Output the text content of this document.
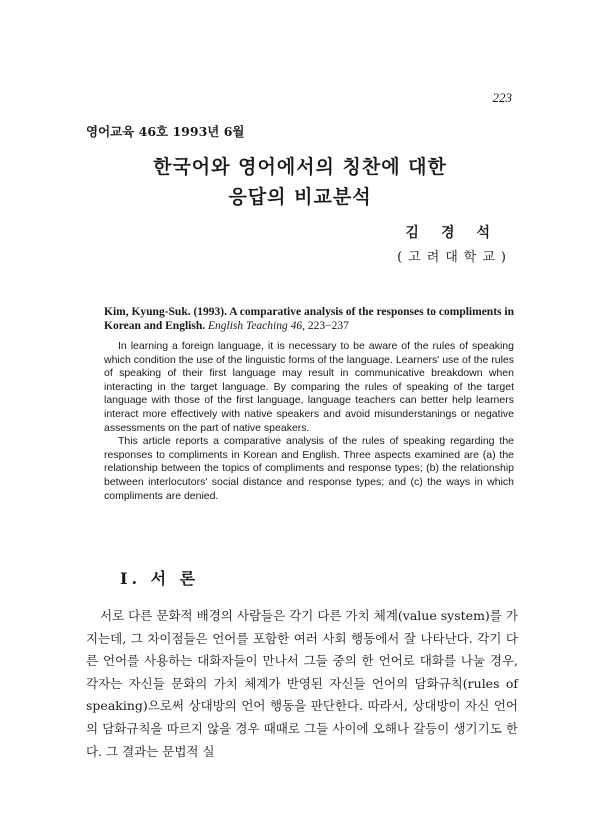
223
영어교육 46호 1993년 6월
한국어와 영어에서의 칭찬에 대한
응답의 비교분석
김경석
(고려대학교)
Kim, Kyung-Suk. (1993). A comparative analysis of the responses to compliments in Korean and English. English Teaching 46, 223−237

In learning a foreign language, it is necessary to be aware of the rules of speaking which condition the use of the linguistic forms of the language. Learners' use of the rules of speaking of their first language may result in communicative breakdown when interacting in the target language. By comparing the rules of speaking of the target language with those of the first language, language teachers can better help learners interact more effectively with native speakers and avoid misunderstanings or negative assessments on the part of native speakers.

This article reports a comparative analysis of the rules of speaking regarding the responses to compliments in Korean and English. Three aspects examined are (a) the relationship between the topics of compliments and response types; (b) the relationship between interlocutors' social distance and response types; and (c) the ways in which compliments are denied.

I. 서 론

서로 다른 문화적 배경의 사람들은 각기 다른 가치 체계(value system)를 가지는데, 그 차이점들은 언어를 포함한 여러 사회 행동에서 잘 나타난다. 각기 다른 언어를 사용하는 대화자들이 만나서 그들 중의 한 언어로 대화를 나눌 경우, 각자는 자신들 문화의 가치 체계가 반영된 자신들 언어의 담화규칙(rules of speaking)으로써 상대방의 언어 행동을 판단한다. 따라서, 상대방이 자신 언어의 담화규칙을 따르지 않을 경우 때때로 그들 사이에 오해나 갈등이 생기기도 한다. 그 결과는 문법적 실
